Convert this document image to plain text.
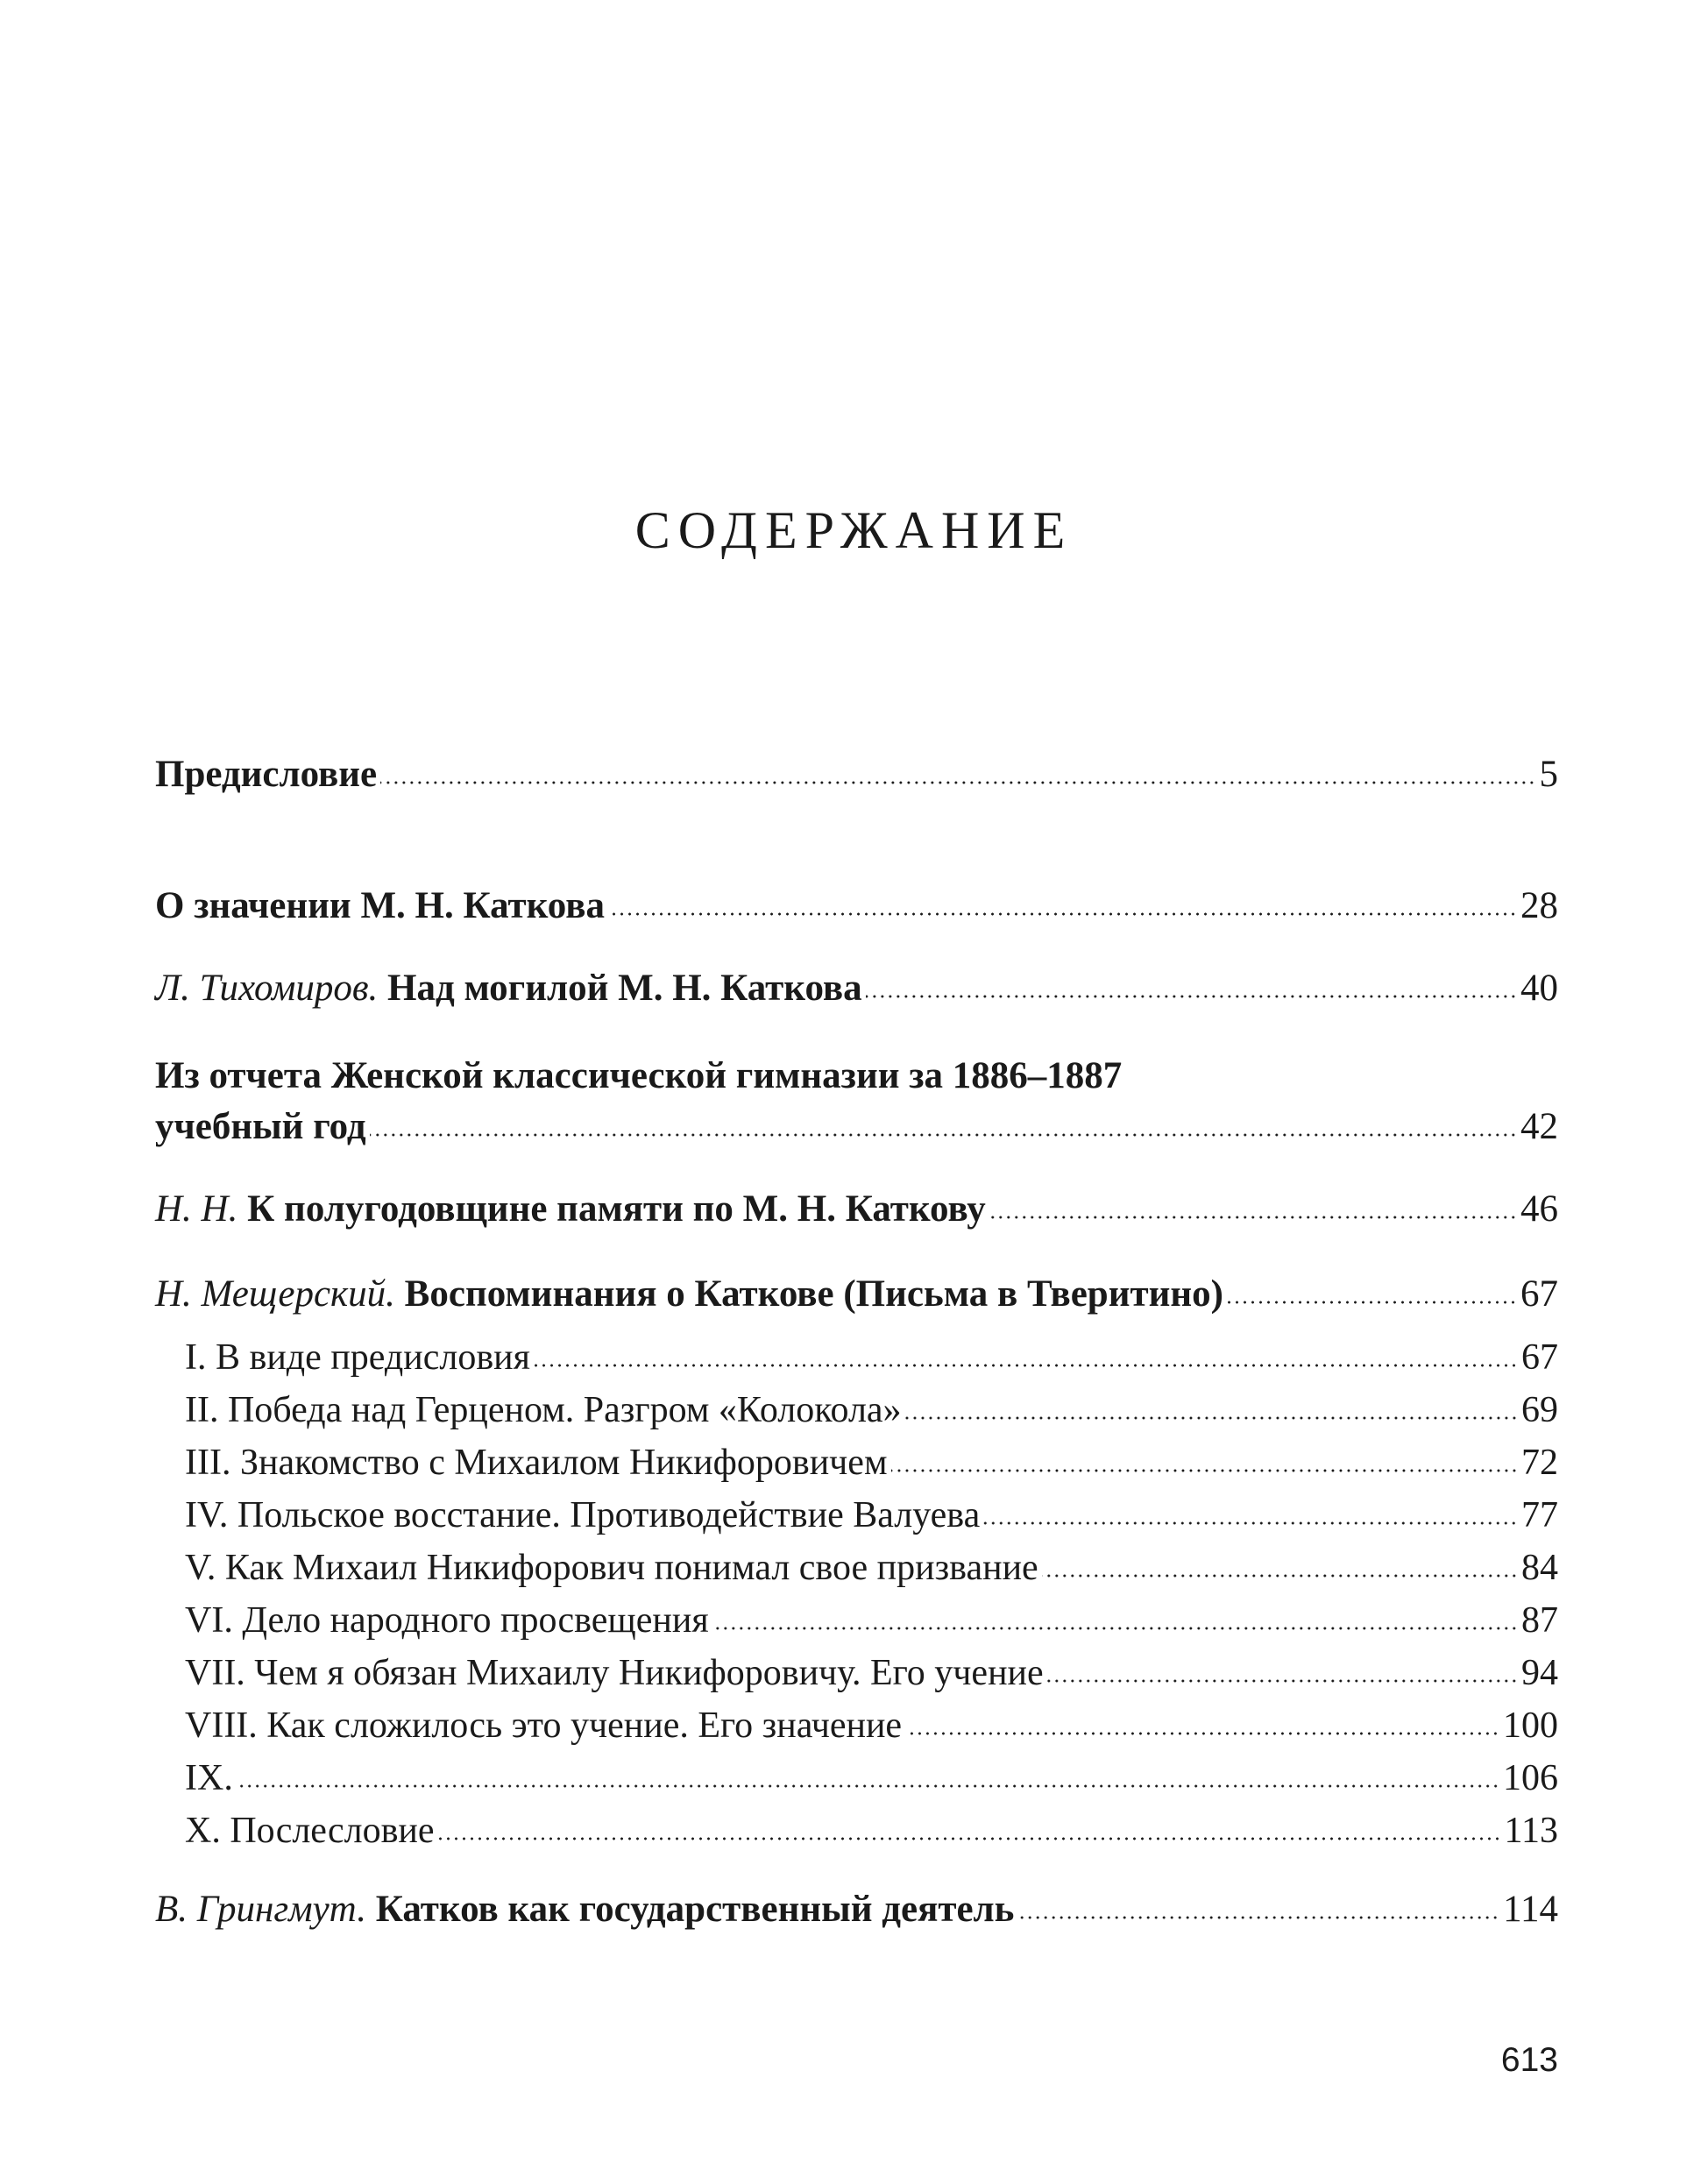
СОДЕРЖАНИЕ
Предисловие	5
О значении М. Н. Каткова	28
Л. Тихомиров. Над могилой М. Н. Каткова	40
Из отчета Женской классической гимназии за 1886–1887
учебный год	42
Н. Н. К полугодовщине памяти по М. Н. Каткову	46
Н. Мещерский. Воспоминания о Каткове (Письма в Тверитино)	67
I. В виде предисловия	67
II. Победа над Герценом. Разгром «Колокола»	69
III. Знакомство с Михаилом Никифоровичем	72
IV. Польское восстание. Противодействие Валуева	77
V. Как Михаил Никифорович понимал свое призвание	84
VI. Дело народного просвещения	87
VII. Чем я обязан Михаилу Никифоровичу. Его учение	94
VIII. Как сложилось это учение. Его значение	100
IX.	106
X. Послесловие	113
В. Грингмут. Катков как государственный деятель	114
613
